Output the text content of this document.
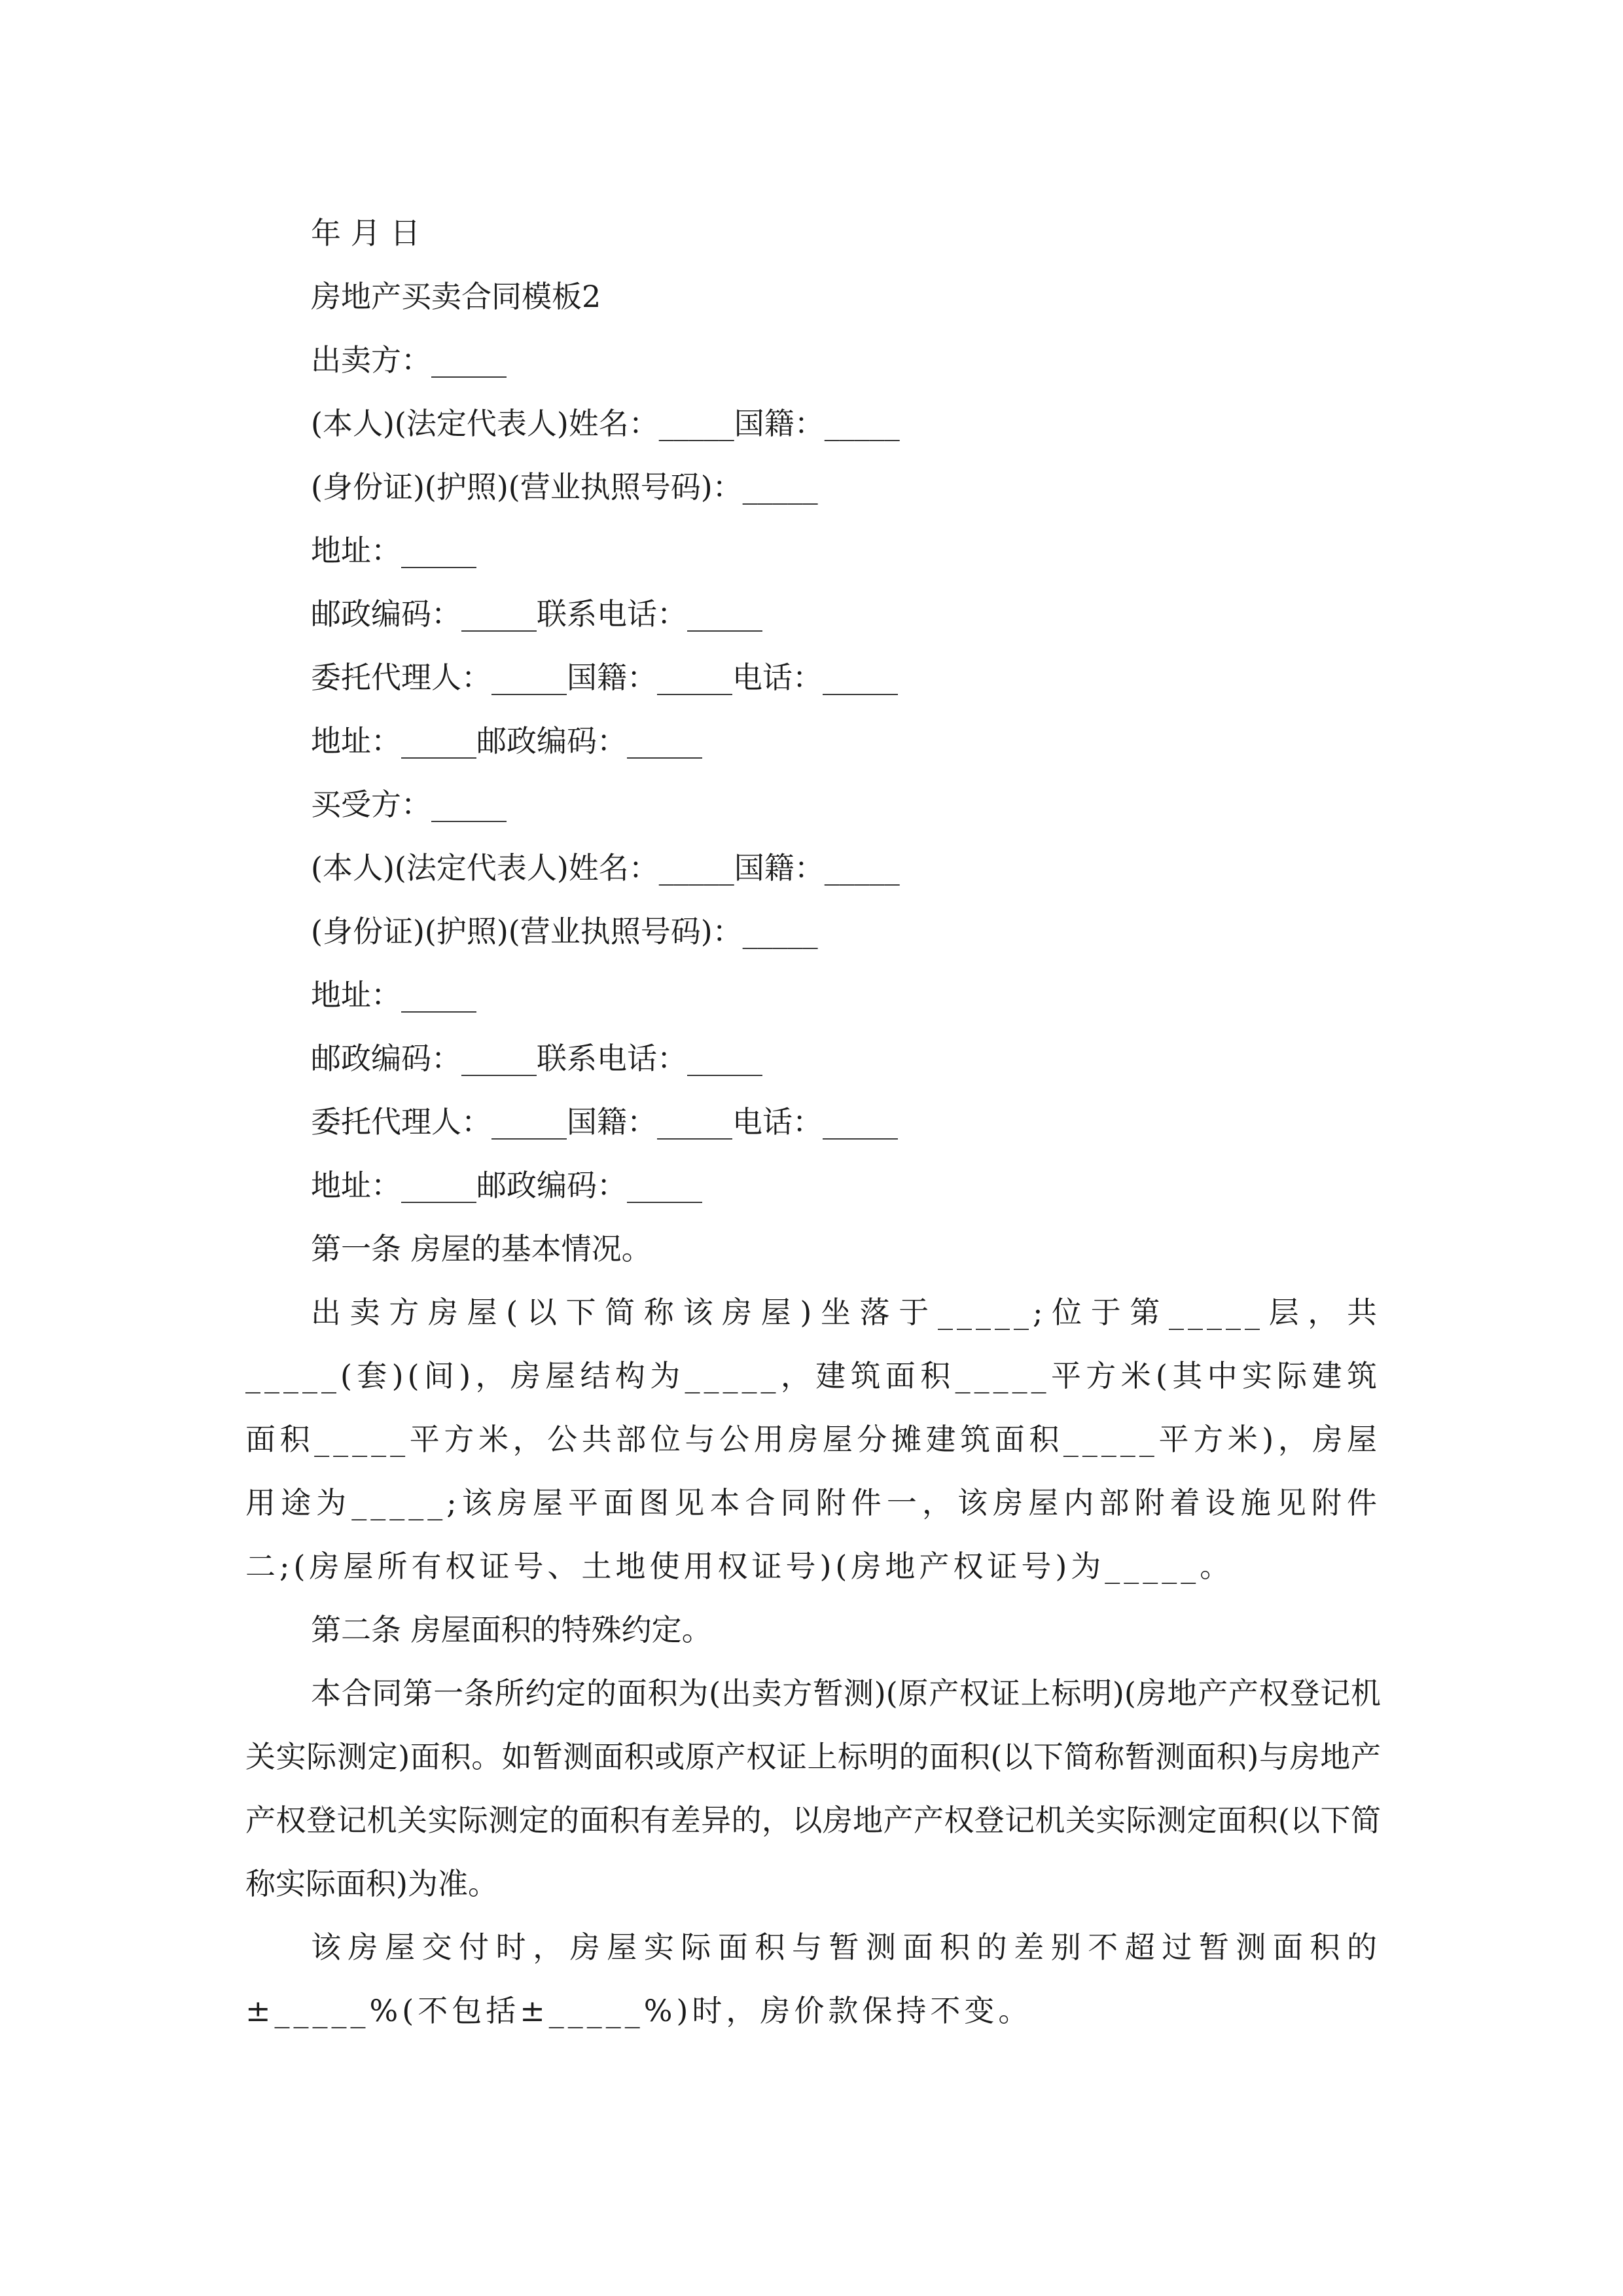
年 月 日
房地产买卖合同模板2
出卖方：_____
(本人)(法定代表人)姓名：_____国籍：_____
(身份证)(护照)(营业执照号码)：_____
地址：_____
邮政编码：_____联系电话：_____
委托代理人：_____国籍：_____电话：_____
地址：_____邮政编码：_____
买受方：_____
(本人)(法定代表人)姓名：_____国籍：_____
(身份证)(护照)(营业执照号码)：_____
地址：_____
邮政编码：_____联系电话：_____
委托代理人：_____国籍：_____电话：_____
地址：_____邮政编码：_____
第一条 房屋的基本情况。

出卖方房屋(以下简称该房屋)坐落于_____;位于第_____层，共_____(套)(间)，房屋结构为_____，建筑面积_____平方米(其中实际建筑面积_____平方米，公共部位与公用房屋分摊建筑面积_____平方米)，房屋用途为_____;该房屋平面图见本合同附件一，该房屋内部附着设施见附件二;(房屋所有权证号、土地使用权证号)(房地产权证号)为_____。

第二条 房屋面积的特殊约定。

本合同第一条所约定的面积为(出卖方暂测)(原产权证上标明)(房地产产权登记机关实际测定)面积。如暂测面积或原产权证上标明的面积(以下简称暂测面积)与房地产产权登记机关实际测定的面积有差异的，以房地产产权登记机关实际测定面积(以下简称实际面积)为准。

该房屋交付时，房屋实际面积与暂测面积的差别不超过暂测面积的±_____%(不包括±_____%)时，房价款保持不变。
